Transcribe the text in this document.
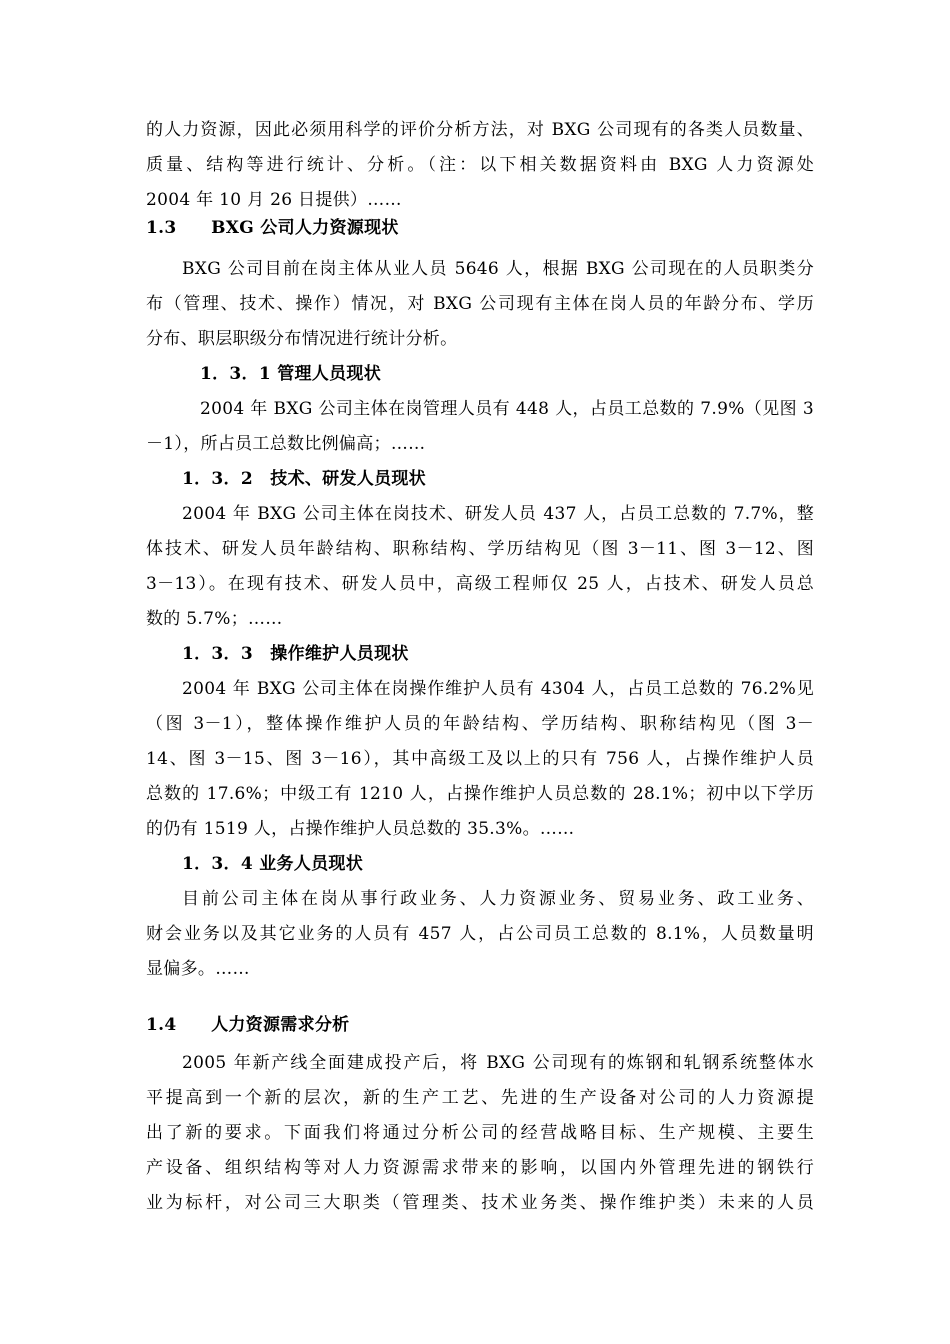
的人力资源，因此必须用科学的评价分析方法，对 BXG 公司现有的各类人员数量、
质量、结构等进行统计、分析。（注：以下相关数据资料由 BXG 人力资源处
2004 年 10 月 26 日提供）……
1.3　　BXG 公司人力资源现状
BXG 公司目前在岗主体从业人员 5646 人，根据 BXG 公司现在的人员职类分
布（管理、技术、操作）情况，对 BXG 公司现有主体在岗人员的年龄分布、学历
分布、职层职级分布情况进行统计分析。
1．3．1 管理人员现状
2004 年 BXG 公司主体在岗管理人员有 448 人，占员工总数的 7.9%（见图 3
－1），所占员工总数比例偏高；……
1．3．2　技术、研发人员现状
2004 年 BXG 公司主体在岗技术、研发人员 437 人，占员工总数的 7.7%，整
体技术、研发人员年龄结构、职称结构、学历结构见（图 3－11、图 3－12、图
3－13）。在现有技术、研发人员中，高级工程师仅 25 人，占技术、研发人员总
数的 5.7%；……
1．3．3　操作维护人员现状
2004 年 BXG 公司主体在岗操作维护人员有 4304 人，占员工总数的 76.2%见
（图 3－1），整体操作维护人员的年龄结构、学历结构、职称结构见（图 3－
14、图 3－15、图 3－16），其中高级工及以上的只有 756 人，占操作维护人员
总数的 17.6%；中级工有 1210 人，占操作维护人员总数的 28.1%；初中以下学历
的仍有 1519 人，占操作维护人员总数的 35.3%。……
1．3．4 业务人员现状
目前公司主体在岗从事行政业务、人力资源业务、贸易业务、政工业务、
财会业务以及其它业务的人员有 457 人，占公司员工总数的 8.1%，人员数量明
显偏多。……
1.4　　人力资源需求分析
2005 年新产线全面建成投产后，将 BXG 公司现有的炼钢和轧钢系统整体水
平提高到一个新的层次，新的生产工艺、先进的生产设备对公司的人力资源提
出了新的要求。下面我们将通过分析公司的经营战略目标、生产规模、主要生
产设备、组织结构等对人力资源需求带来的影响，以国内外管理先进的钢铁行
业为标杆，对公司三大职类（管理类、技术业务类、操作维护类）未来的人员
